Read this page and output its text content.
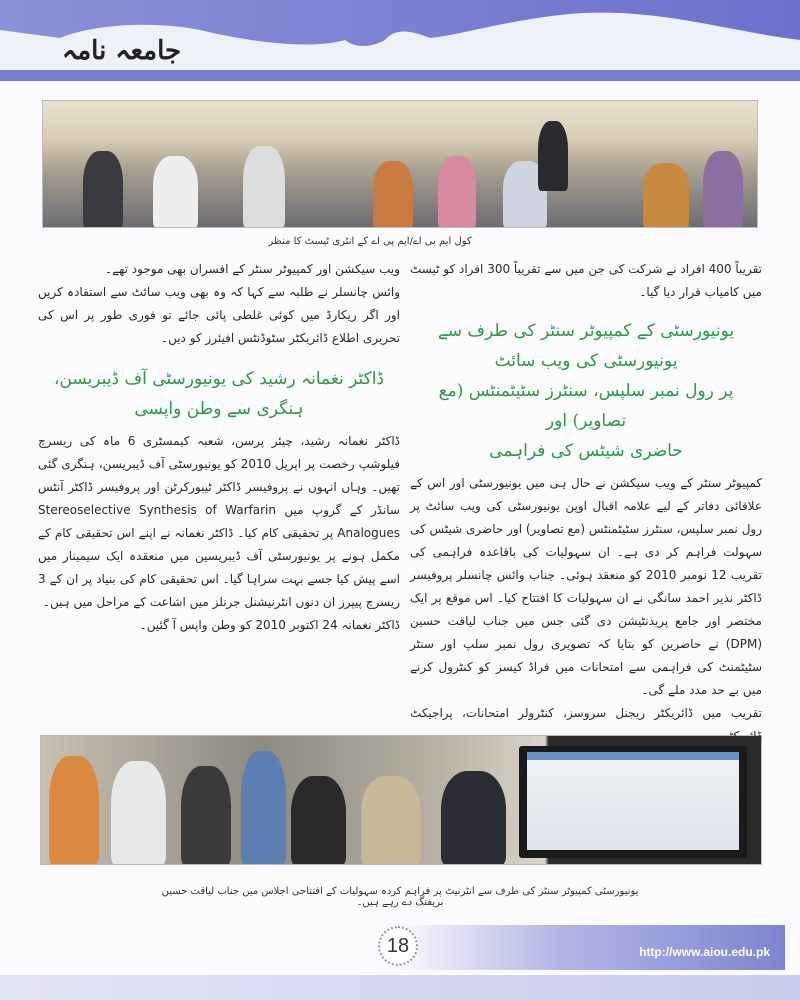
جامعہ نامہ
کول ایم بی اے/ایم پی اے کے انٹری ٹیسٹ کا منظر

تقریباً 400 افراد نے شرکت کی جن میں سے تقریباً 300 افراد کو ٹیسٹ میں کامیاب قرار دیا گیا۔

یونیورسٹی کے کمپیوٹر سنٹر کی طرف سے یونیورسٹی کی ویب سائٹ
پر رول نمبر سلپس، سنٹرز سٹیٹمنٹس (مع تصاویر) اور
حاضری شیٹس کی فراہمی

کمپیوٹر سنٹر کے ویب سیکشن نے حال ہی میں یونیورسٹی اور اس کے علاقائی دفاتر کے لیے علامہ اقبال اوپن یونیورسٹی کی ویب سائٹ پر رول نمبر سلپس، سنٹرز سٹیٹمنٹس (مع تصاویر) اور حاضری شیٹس کی سہولت فراہم کر دی ہے۔ ان سہولیات کی باقاعدہ فراہمی کی تقریب 12 نومبر 2010 کو منعقد ہوئی۔ جناب وائس چانسلر پروفیسر ڈاکٹر نذیر احمد سانگی نے ان سہولیات کا افتتاح کیا۔ اس موقع پر ایک مختصر اور جامع پریذنٹیشن دی گئی جس میں جناب لیاقت حسین (DPM) نے حاضرین کو بتایا کہ تصویری رول نمبر سلپ اور سنٹر سٹیٹمنٹ کی فراہمی سے امتحانات میں فراڈ کیسز کو کنٹرول کرنے میں بے حد مدد ملے گی۔

تقریب میں ڈائریکٹر ریجنل سروسز، کنٹرولر امتحانات، پراجیکٹ ڈائریکٹر،

ویب سیکشن اور کمپیوٹر سنٹر کے افسران بھی موجود تھے۔

وائس چانسلر نے طلبہ سے کہا کہ وہ بھی ویب سائٹ سے استفادہ کریں اور اگر ریکارڈ میں کوئی غلطی پائی جائے تو فوری طور پر اس کی تحریری اطلاع ڈائریکٹر سٹوڈنٹس افیئرز کو دیں۔

ڈاکٹر نغمانہ رشید کی یونیورسٹی آف ڈیبریسن،
ہنگری سے وطن واپسی

ڈاکٹر نغمانہ رشید، چیئر پرسن، شعبہ کیمسٹری 6 ماہ کی ریسرچ فیلوشپ رخصت پر اپریل 2010 کو یونیورسٹی آف ڈیبریسن، ہنگری گئی تھیں۔ وہاں انہوں نے پروفیسر ڈاکٹر ٹیبورکرٹن اور پروفیسر ڈاکٹر آنٹس سانڈر کے گروپ میں Stereoselective Synthesis of Warfarin Analogues پر تحقیقی کام کیا۔ ڈاکٹر نغمانہ نے اپنے اس تحقیقی کام کے مکمل ہونے پر یونیورسٹی آف ڈیبریسین میں منعقدہ ایک سیمینار میں اسے پیش کیا جسے بہت سراہا گیا۔ اس تحقیقی کام کی بنیاد پر ان کے 3 ریسرچ پیپرز ان دنوں انٹرنیشنل جرنلز میں اشاعت کے مراحل میں ہیں۔

ڈاکٹر نغمانہ 24 اکتوبر 2010 کو وطن واپس آ گئیں۔

یونیورسٹی کمپیوٹر سنٹر کی طرف سے انٹرنیٹ پر فراہم کردہ سہولیات کے افتتاحی اجلاس میں جناب لیاقت حسین بریفنگ دے رہے ہیں۔
18	http://www.aiou.edu.pk
